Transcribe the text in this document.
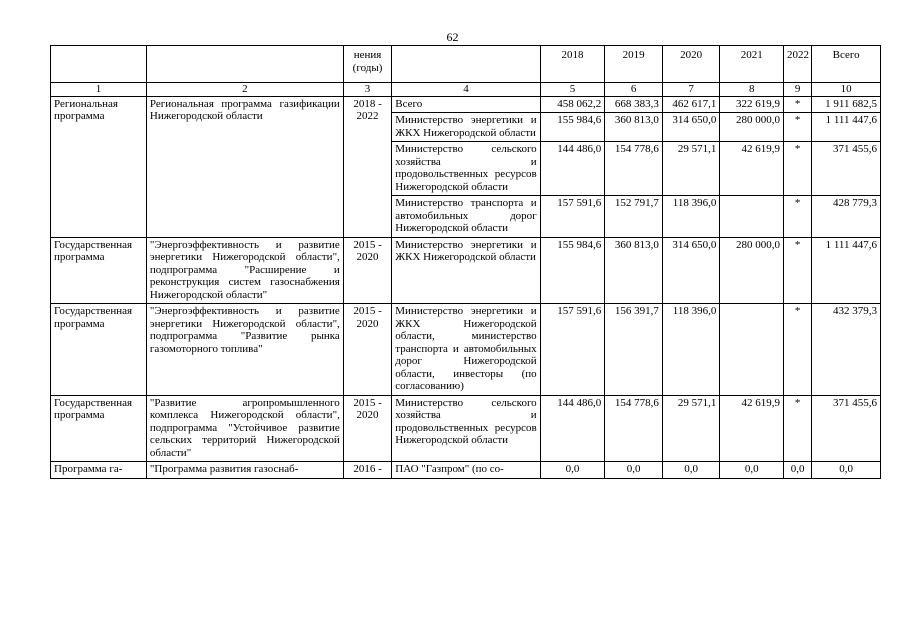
62
		нения (годы)		2018	2019	2020	2021	2022	Всего
1	2	3	4	5	6	7	8	9	10
Региональная программа	Региональная программа газификации Нижегородской области	2018 - 2022	Всего	458 062,2	668 383,3	462 617,1	322 619,9	*	1 911 682,5
			Министерство энергетики и ЖКХ Нижегородской области	155 984,6	360 813,0	314 650,0	280 000,0	*	1 111 447,6
			Министерство сельского хозяйства и продовольственных ресурсов Нижегородской области	144 486,0	154 778,6	29 571,1	42 619,9	*	371 455,6
			Министерство транспорта и автомобильных дорог Нижегородской области	157 591,6	152 791,7	118 396,0		*	428 779,3
Государственная программа	"Энергоэффективность и развитие энергетики Нижегородской области", подпрограмма "Расширение и реконструкция систем газоснабжения Нижегородской области"	2015 - 2020	Министерство энергетики и ЖКХ Нижегородской области	155 984,6	360 813,0	314 650,0	280 000,0	*	1 111 447,6
Государственная программа	"Энергоэффективность и развитие энергетики Нижегородской области", подпрограмма "Развитие рынка газомоторного топлива"	2015 - 2020	Министерство энергетики и ЖКХ Нижегородской области, министерство транспорта и автомобильных дорог Нижегородской области, инвесторы (по согласованию)	157 591,6	156 391,7	118 396,0		*	432 379,3
Государственная программа	"Развитие агропромышленного комплекса Нижегородской области", подпрограмма "Устойчивое развитие сельских территорий Нижегородской области"	2015 - 2020	Министерство сельского хозяйства и продовольственных ресурсов Нижегородской области	144 486,0	154 778,6	29 571,1	42 619,9	*	371 455,6
Программа га-	"Программа развития газоснаб-	2016 -	ПАО "Газпром" (по со-	0,0	0,0	0,0	0,0	0,0	0,0
